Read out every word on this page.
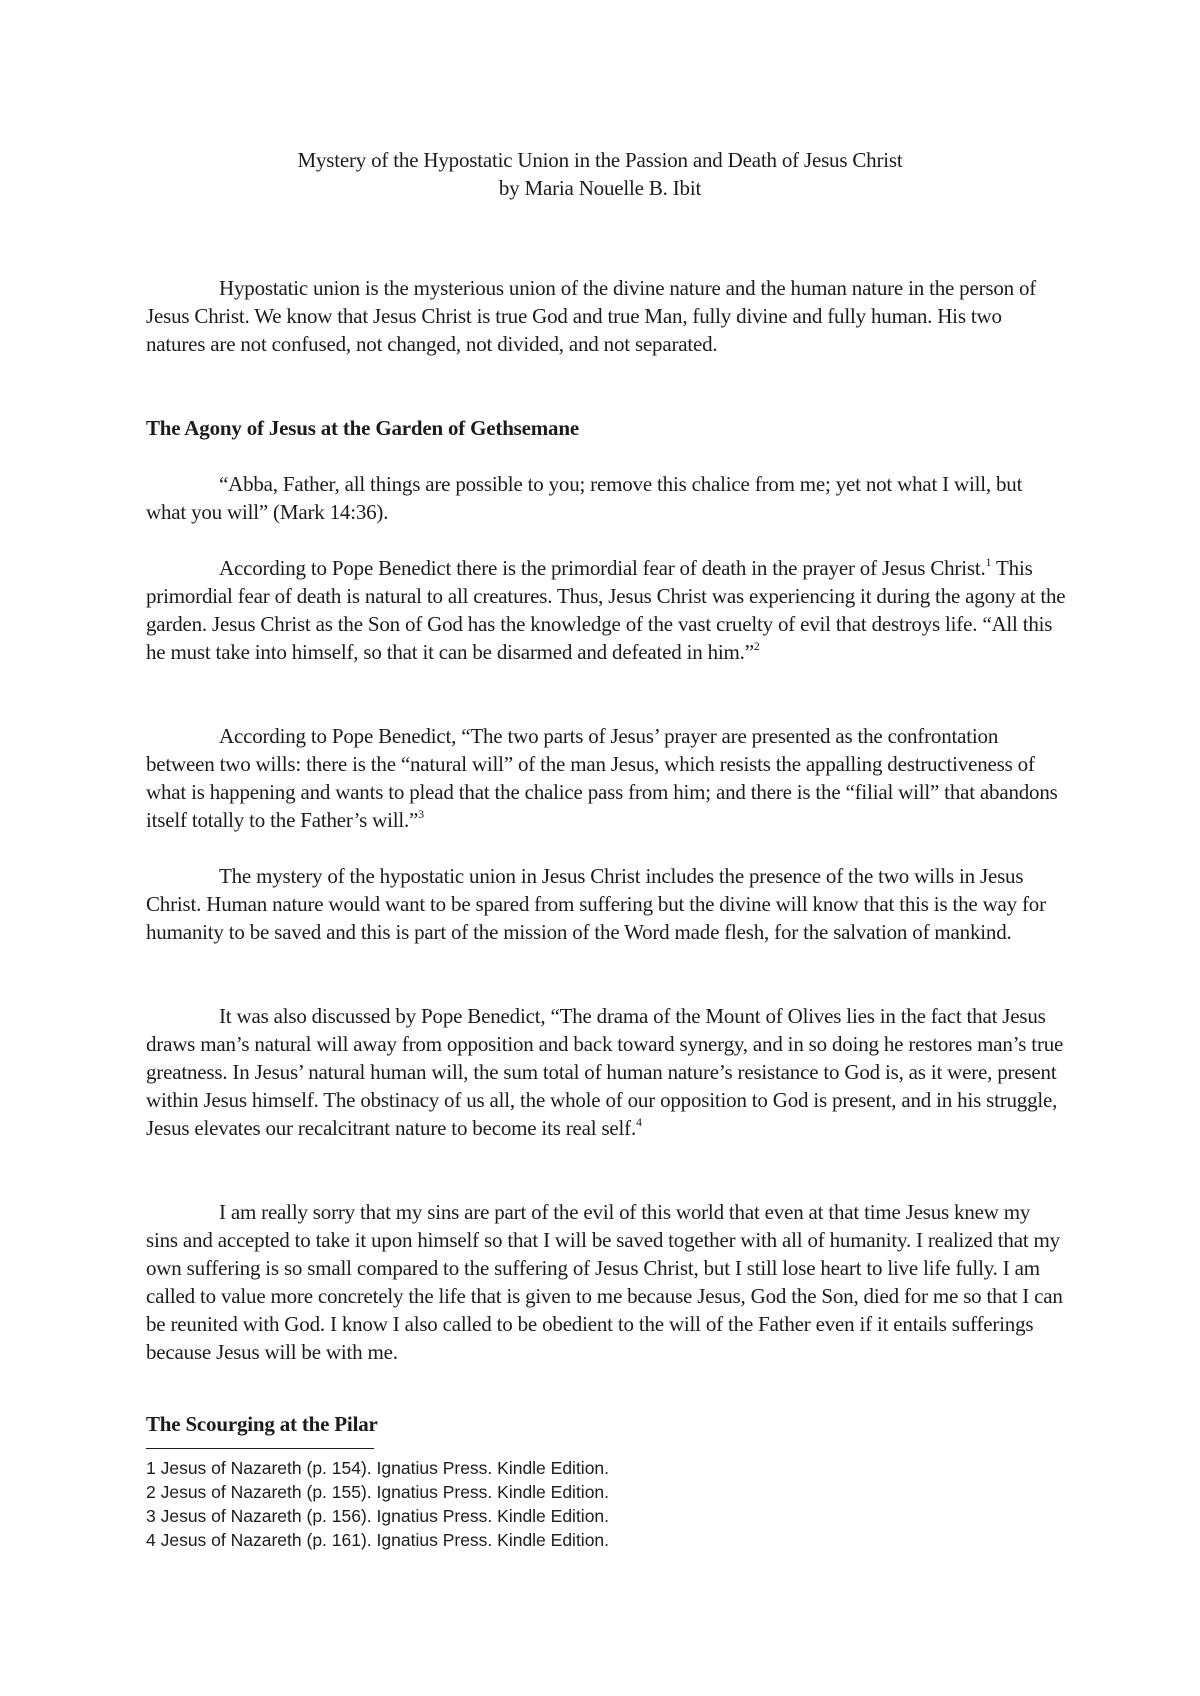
Mystery of the Hypostatic Union in the Passion and Death of Jesus Christ
by Maria Nouelle B. Ibit

Hypostatic union is the mysterious union of the divine nature and the human nature in the person of Jesus Christ. We know that Jesus Christ is true God and true Man, fully divine and fully human. His two natures are not confused, not changed, not divided, and not separated.

The Agony of Jesus at the Garden of Gethsemane

“Abba, Father, all things are possible to you; remove this chalice from me; yet not what I will, but what you will” (Mark 14:36).

According to Pope Benedict there is the primordial fear of death in the prayer of Jesus Christ.$^1$ This primordial fear of death is natural to all creatures. Thus, Jesus Christ was experiencing it during the agony at the garden. Jesus Christ as the Son of God has the knowledge of the vast cruelty of evil that destroys life. “All this he must take into himself, so that it can be disarmed and defeated in him.”$^2$

According to Pope Benedict, “The two parts of Jesus’ prayer are presented as the confrontation between two wills: there is the “natural will” of the man Jesus, which resists the appalling destructiveness of what is happening and wants to plead that the chalice pass from him; and there is the “filial will” that abandons itself totally to the Father’s will.”$^3$

The mystery of the hypostatic union in Jesus Christ includes the presence of the two wills in Jesus Christ. Human nature would want to be spared from suffering but the divine will know that this is the way for humanity to be saved and this is part of the mission of the Word made flesh, for the salvation of mankind.

It was also discussed by Pope Benedict, “The drama of the Mount of Olives lies in the fact that Jesus draws man’s natural will away from opposition and back toward synergy, and in so doing he restores man’s true greatness. In Jesus’ natural human will, the sum total of human nature’s resistance to God is, as it were, present within Jesus himself. The obstinacy of us all, the whole of our opposition to God is present, and in his struggle, Jesus elevates our recalcitrant nature to become its real self.$^4$

I am really sorry that my sins are part of the evil of this world that even at that time Jesus knew my sins and accepted to take it upon himself so that I will be saved together with all of humanity. I realized that my own suffering is so small compared to the suffering of Jesus Christ, but I still lose heart to live life fully. I am called to value more concretely the life that is given to me because Jesus, God the Son, died for me so that I can be reunited with God. I know I also called to be obedient to the will of the Father even if it entails sufferings because Jesus will be with me.

The Scourging at the Pilar

1 Jesus of Nazareth (p. 154). Ignatius Press. Kindle Edition.

2 Jesus of Nazareth (p. 155). Ignatius Press. Kindle Edition.

3 Jesus of Nazareth (p. 156). Ignatius Press. Kindle Edition.

4 Jesus of Nazareth (p. 161). Ignatius Press. Kindle Edition.
